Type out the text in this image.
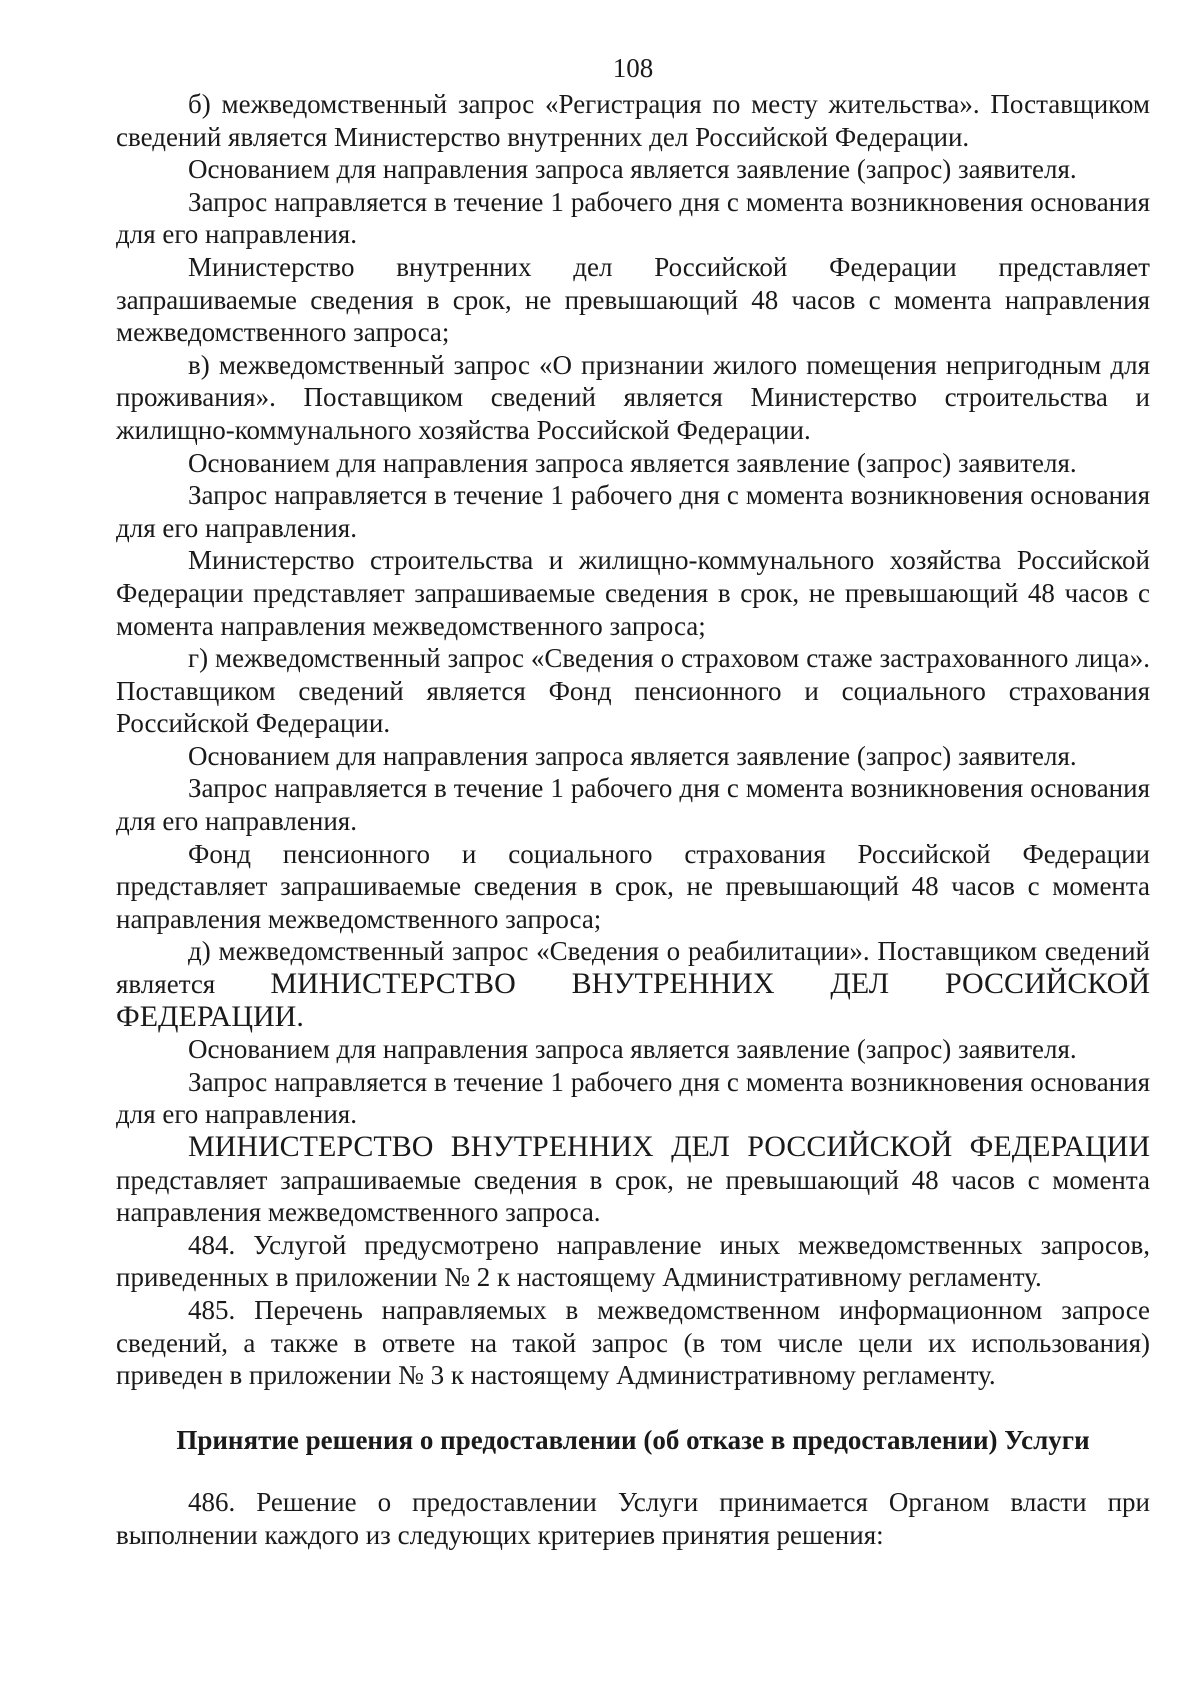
108

б) межведомственный запрос «Регистрация по месту жительства». Поставщиком сведений является Министерство внутренних дел Российской Федерации.

Основанием для направления запроса является заявление (запрос) заявителя.

Запрос направляется в течение 1 рабочего дня с момента возникновения основания для его направления.

Министерство внутренних дел Российской Федерации представляет запрашиваемые сведения в срок, не превышающий 48 часов с момента направления межведомственного запроса;

в) межведомственный запрос «О признании жилого помещения непригодным для проживания». Поставщиком сведений является Министерство строительства и жилищно-коммунального хозяйства Российской Федерации.

Основанием для направления запроса является заявление (запрос) заявителя.

Запрос направляется в течение 1 рабочего дня с момента возникновения основания для его направления.

Министерство строительства и жилищно-коммунального хозяйства Российской Федерации представляет запрашиваемые сведения в срок, не превышающий 48 часов с момента направления межведомственного запроса;

г) межведомственный запрос «Сведения о страховом стаже застрахованного лица». Поставщиком сведений является Фонд пенсионного и социального страхования Российской Федерации.

Основанием для направления запроса является заявление (запрос) заявителя.

Запрос направляется в течение 1 рабочего дня с момента возникновения основания для его направления.

Фонд пенсионного и социального страхования Российской Федерации представляет запрашиваемые сведения в срок, не превышающий 48 часов с момента направления межведомственного запроса;

д) межведомственный запрос «Сведения о реабилитации». Поставщиком сведений является МИНИСТЕРСТВО ВНУТРЕННИХ ДЕЛ РОССИЙСКОЙ ФЕДЕРАЦИИ.

Основанием для направления запроса является заявление (запрос) заявителя.

Запрос направляется в течение 1 рабочего дня с момента возникновения основания для его направления.

МИНИСТЕРСТВО ВНУТРЕННИХ ДЕЛ РОССИЙСКОЙ ФЕДЕРАЦИИ представляет запрашиваемые сведения в срок, не превышающий 48 часов с момента направления межведомственного запроса.

484. Услугой предусмотрено направление иных межведомственных запросов, приведенных в приложении № 2 к настоящему Административному регламенту.

485. Перечень направляемых в межведомственном информационном запросе сведений, а также в ответе на такой запрос (в том числе цели их использования) приведен в приложении № 3 к настоящему Административному регламенту.

Принятие решения о предоставлении (об отказе в предоставлении) Услуги

486. Решение о предоставлении Услуги принимается Органом власти при выполнении каждого из следующих критериев принятия решения:
